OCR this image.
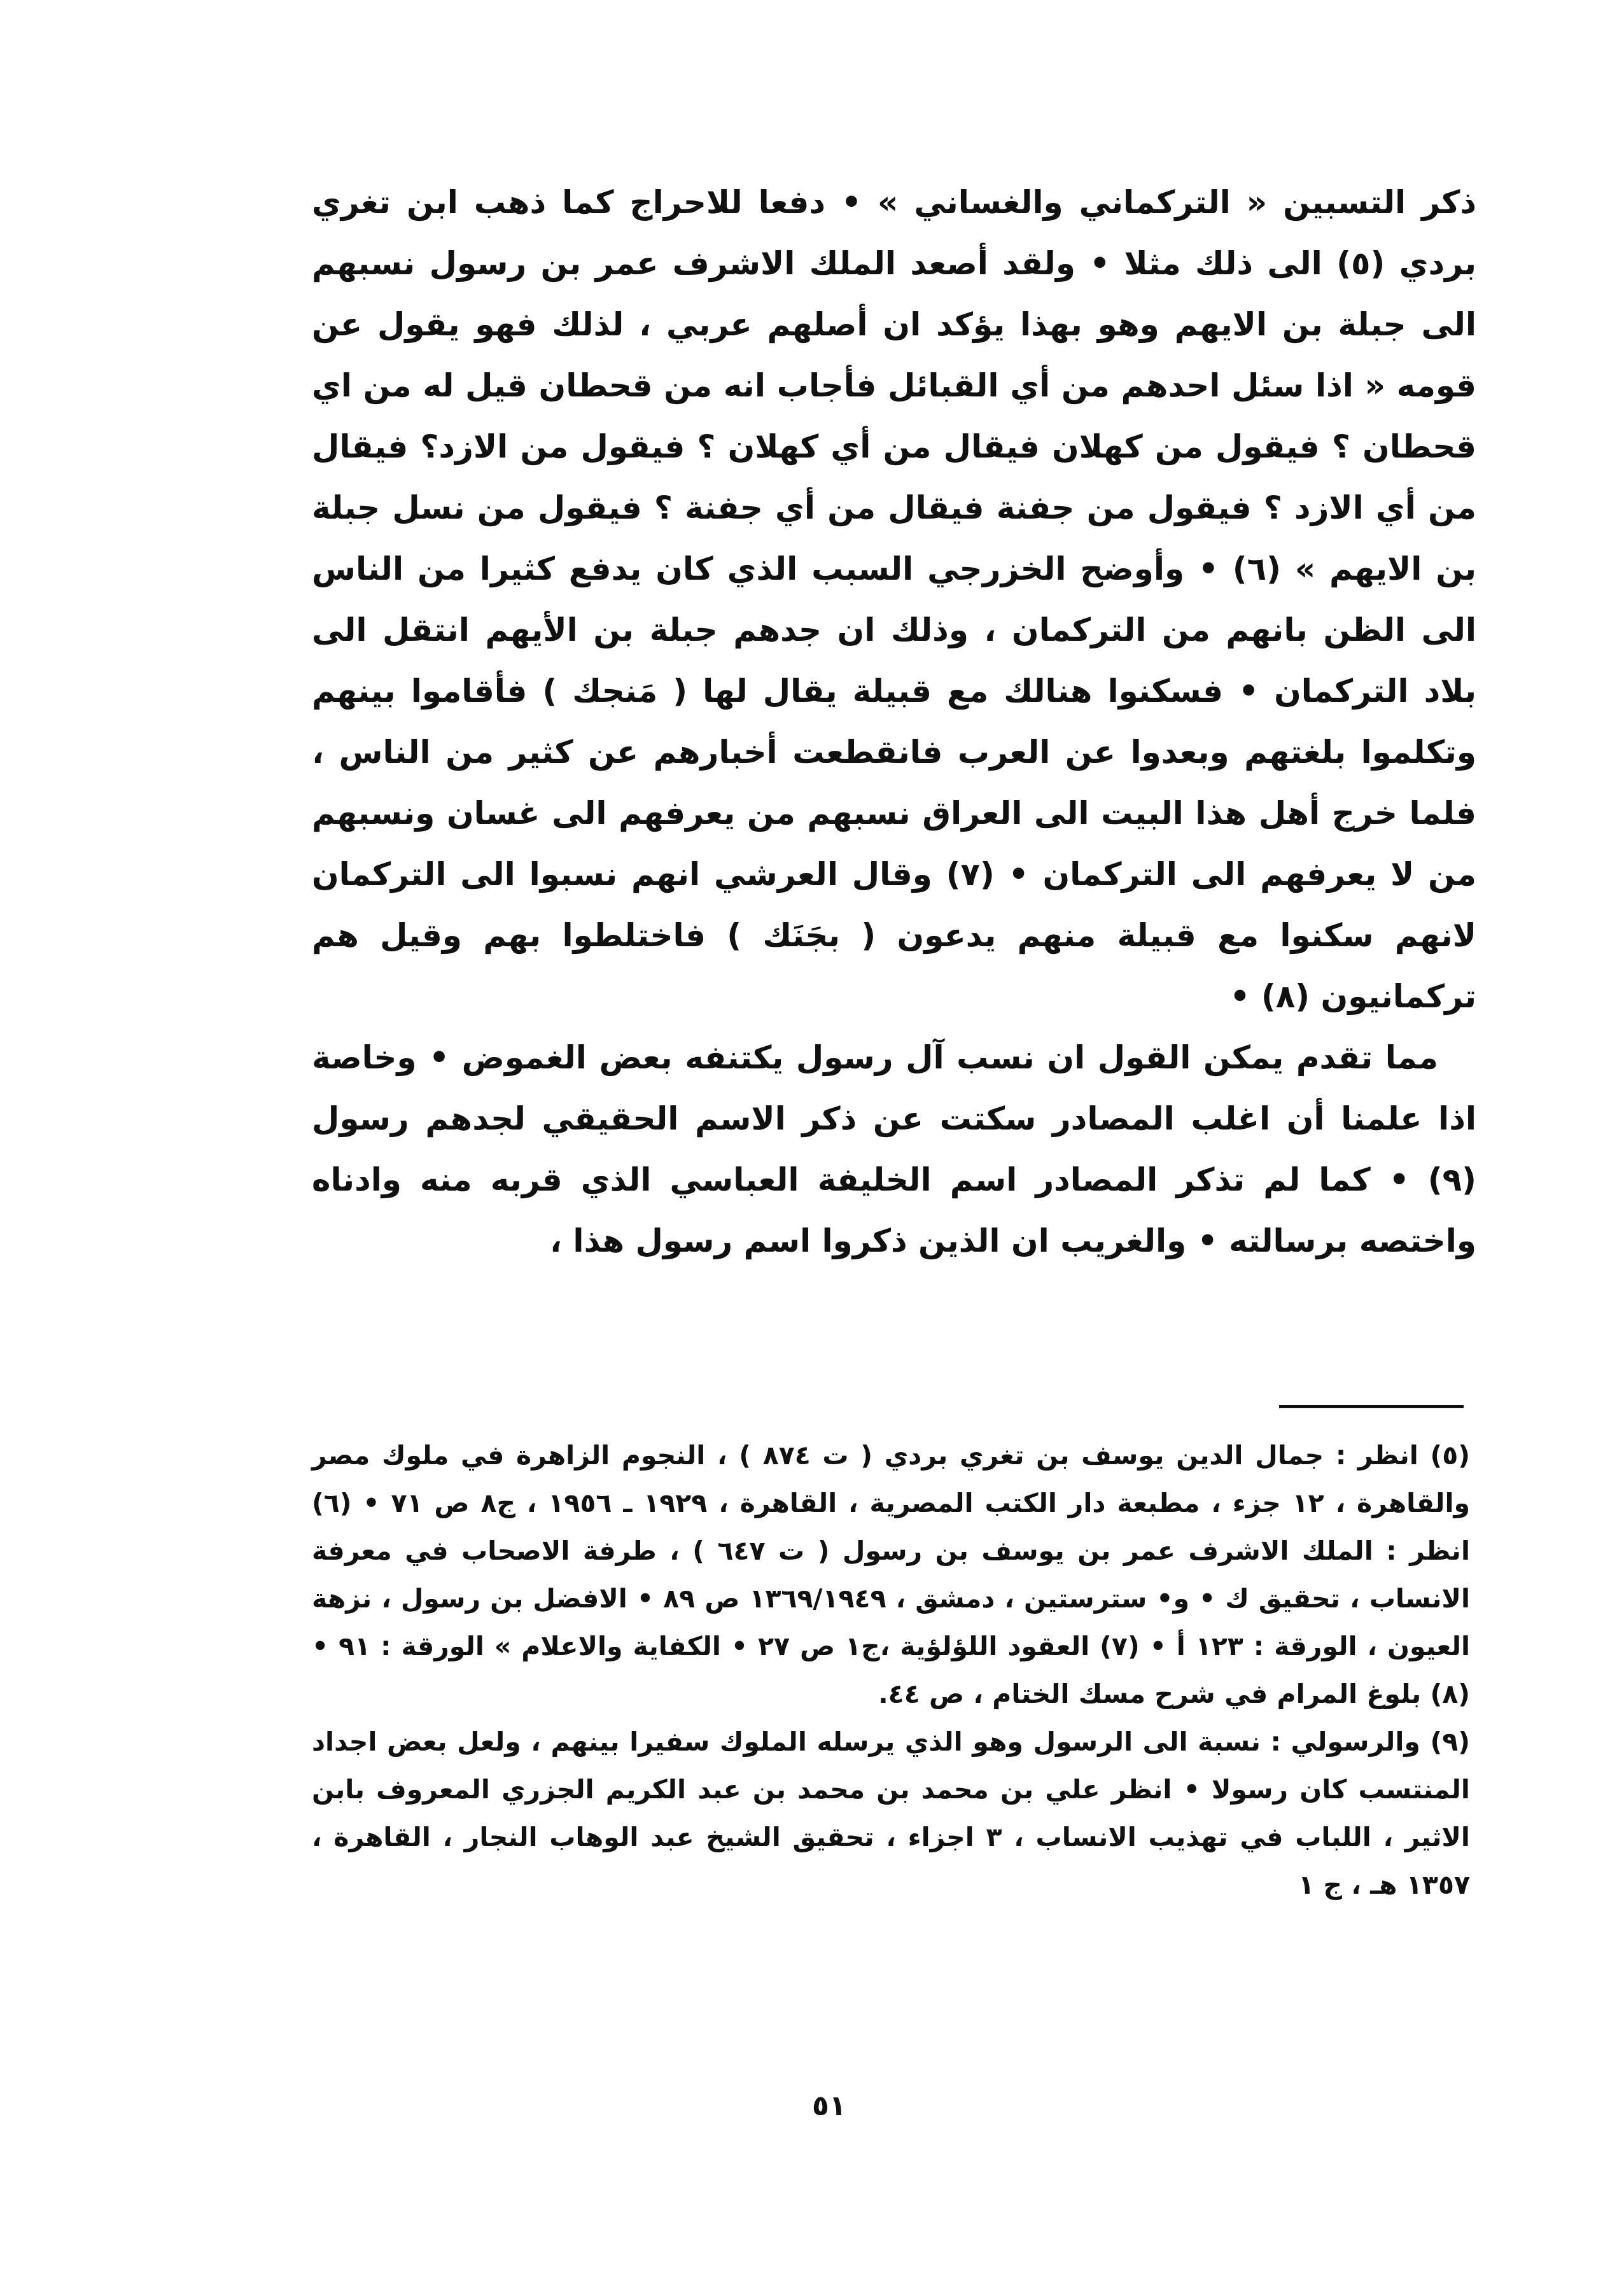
ذكر التسبين « التركماني والغساني » • دفعا للاحراج كما ذهب ابن تغري بردي (٥) الى ذلك مثلا • ولقد أصعد الملك الاشرف عمر بن رسول نسبهم الى جبلة بن الايهم وهو بهذا يؤكد ان أصلهم عربي ، لذلك فهو يقول عن قومه « اذا سئل احدهم من أي القبائل فأجاب انه من قحطان قيل له من اي قحطان ؟ فيقول من كهلان فيقال من أي كهلان ؟ فيقول من الازد؟ فيقال من أي الازد ؟ فيقول من جفنة فيقال من أي جفنة ؟ فيقول من نسل جبلة بن الايهم » (٦) • وأوضح الخزرجي السبب الذي كان يدفع كثيرا من الناس الى الظن بانهم من التركمان ، وذلك ان جدهم جبلة بن الأيهم انتقل الى بلاد التركمان • فسكنوا هنالك مع قبيلة يقال لها ( مَنجك ) فأقاموا بينهم وتكلموا بلغتهم وبعدوا عن العرب فانقطعت أخبارهم عن كثير من الناس ، فلما خرج أهل هذا البيت الى العراق نسبهم من يعرفهم الى غسان ونسبهم من لا يعرفهم الى التركمان • (٧) وقال العرشي انهم نسبوا الى التركمان لانهم سكنوا مع قبيلة منهم يدعون ( بجَنَك ) فاختلطوا بهم وقيل هم تركمانيون (٨) •

مما تقدم يمكن القول ان نسب آل رسول يكتنفه بعض الغموض • وخاصة اذا علمنا أن اغلب المصادر سكتت عن ذكر الاسم الحقيقي لجدهم رسول (٩) • كما لم تذكر المصادر اسم الخليفة العباسي الذي قربه منه وادناه واختصه برسالته • والغريب ان الذين ذكروا اسم رسول هذا ،

(٥) انظر : جمال الدين يوسف بن تغري بردي ( ت ٨٧٤ ) ، النجوم الزاهرة في ملوك مصر والقاهرة ، ١٢ جزء ، مطبعة دار الكتب المصرية ، القاهرة ، ١٩٢٩ ـ ١٩٥٦ ، ج٨ ص ٧١ • (٦) انظر : الملك الاشرف عمر بن يوسف بن رسول ( ت ٦٤٧ ) ، طرفة الاصحاب في معرفة الانساب ، تحقيق ك • و• سترستين ، دمشق ، ١٣٦٩/١٩٤٩ ص ٨٩ • الافضل بن رسول ، نزهة العيون ، الورقة : ١٢٣ أ • (٧) العقود اللؤلؤية ،ج١ ص ٢٧ • الكفاية والاعلام » الورقة : ٩١ • (٨) بلوغ المرام في شرح مسك الختام ، ص ٤٤.

(٩) والرسولي : نسبة الى الرسول وهو الذي يرسله الملوك سفيرا بينهم ، ولعل بعض اجداد المنتسب كان رسولا • انظر علي بن محمد بن محمد بن عبد الكريم الجزري المعروف بابن الاثير ، اللباب في تهذيب الانساب ، ٣ اجزاء ، تحقيق الشيخ عبد الوهاب النجار ، القاهرة ، ١٣٥٧ هـ ، ج ١

٥١
